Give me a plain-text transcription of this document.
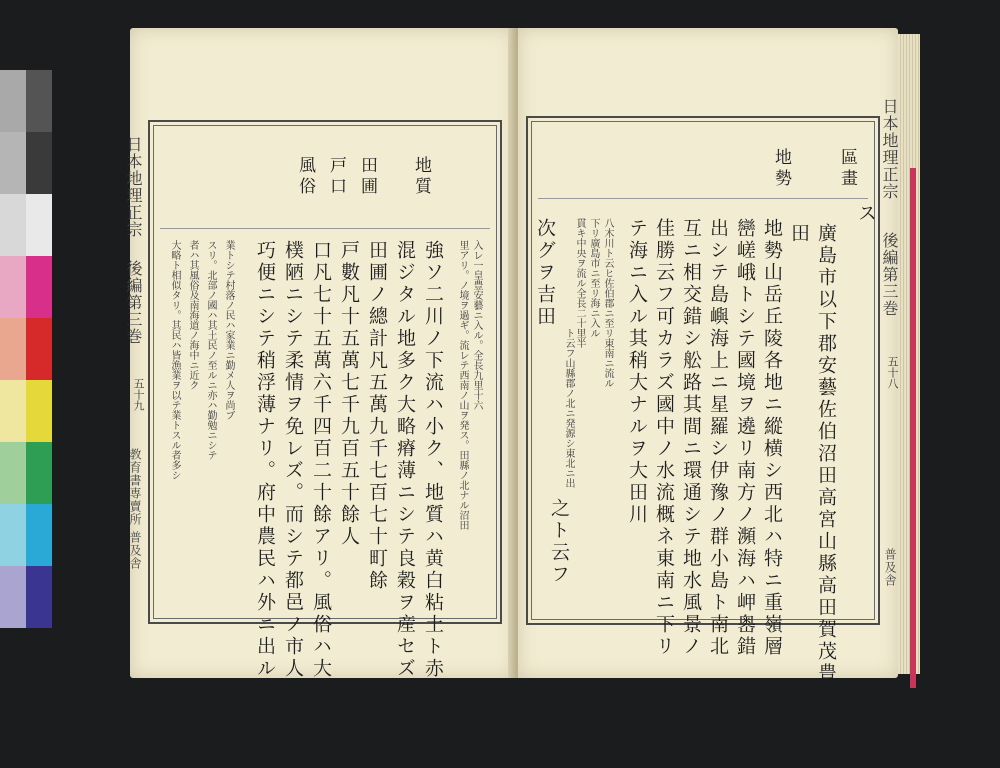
日本地理正宗
後編第三巻
五十九
教育書専賣所 普及舎
地質
田圃
戸口
風俗
入レ一皇豊安藝ニ入ル。全長九里十六
里アリ。ノ境ヲ過ギ。流レテ西南ノ山ヲ発ス。田縣ノ北ナル沼田
強ソ二川ノ下流ハ小ク、地質ハ黄白粘土ト赤埴砂壌相
混ジタル地多ク大略瘠薄ニシテ良穀ヲ産セズ
田圃ノ總計凡五萬九千七百七十町餘
戸數凡十五萬七千九百五十餘人
口凡七十五萬六千四百二十餘アリ。風俗ハ大略
樸陋ニシテ柔情ヲ免レズ。而シテ都邑ノ市人ハ概
巧便ニシテ稍浮薄ナリ。府中農民ハ外ニ出ル者多ク
業トシテ村落ノ民ハ家業ニ勤メ人ヲ尚ブ
スリ。北部ノ國ハ其土民ノ至ルニ亦ハ勤勉ニシテ
者ハ其風俗及南海道ノ海中ニ近ク
大略ト相似タリ。其民ハ皆漁業ヲ以テ業トスル者多シ
日本地理正宗
後編第三巻
五十八
普及舎
區畫
地勢
ス
廣島市以下郡安藝佐伯沼田高宮山縣高田賀茂豊
田
地勢山岳丘陵各地ニ縱横シ西北ハ特ニ重嶺層
巒嵯峨トシテ國境ヲ遶リ南方ノ瀕海ハ岬嶴錯
出シテ島嶼海上ニ星羅シ伊豫ノ群小島ト南北
互ニ相交錯シ舩路其間ニ環通シテ地水風景ノ
佳勝云フ可カラズ國中ノ水流概ネ東南ニ下リ
テ海ニ入ル其稍大ナルヲ大田川
八木川ト云ヒ佐伯郡ニ至リ東南ニ流ル
下リ廣島市ニ至リ海ニ入ル
貫キ中央ヲ流ル全長二十里半
之ト云フ
ト云フ山縣郡ノ北ニ発源シ東北ニ出
次グヲ吉田
